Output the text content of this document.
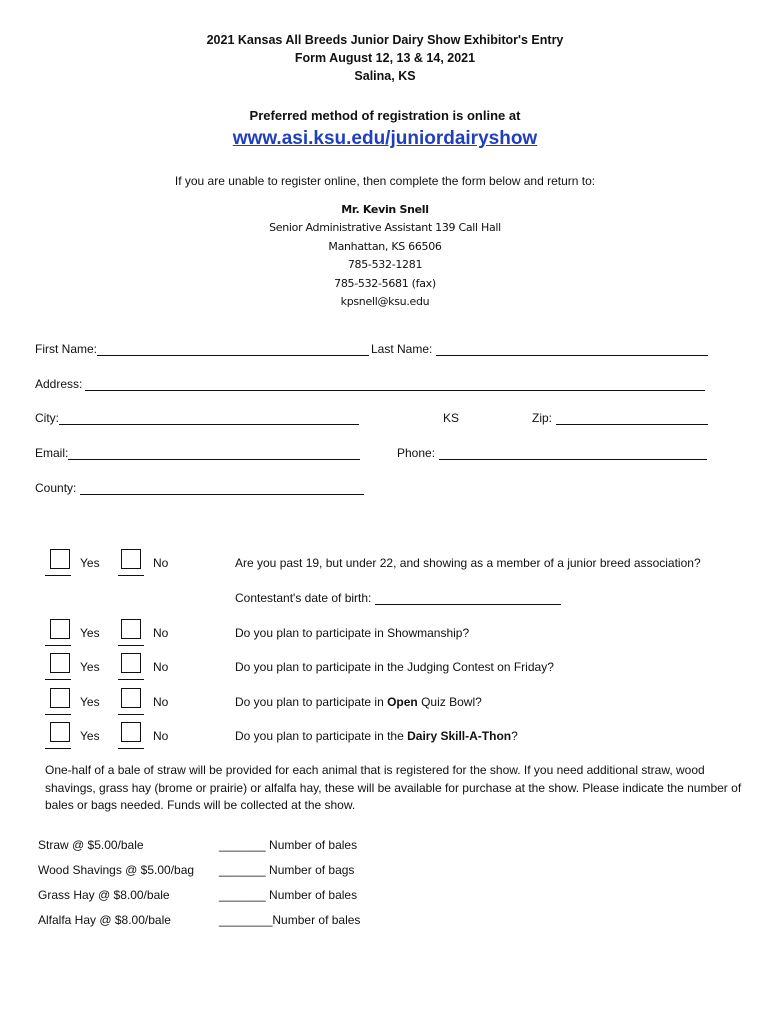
2021 Kansas All Breeds Junior Dairy Show Exhibitor's Entry
Form August 12, 13 & 14, 2021
Salina, KS
Preferred method of registration is online at
www.asi.ksu.edu/juniordairyshow
If you are unable to register online, then complete the form below and return to:
Mr. Kevin Snell
Senior Administrative Assistant 139 Call Hall
Manhattan, KS 66506
785-532-1281
785-532-5681 (fax)
kpsnell@ksu.edu
First Name:	Last Name:
Address:
City:	KS	Zip:
Email:	Phone:
County:
Yes	No	Are you past 19, but under 22, and showing as a member of a junior breed association?
Contestant's date of birth:
Yes	No	Do you plan to participate in Showmanship?
Yes	No	Do you plan to participate in the Judging Contest on Friday?
Yes	No	Do you plan to participate in Open Quiz Bowl?
Yes	No	Do you plan to participate in the Dairy Skill-A-Thon?
One-half of a bale of straw will be provided for each animal that is registered for the show. If you need additional straw, wood shavings, grass hay (brome or prairie) or alfalfa hay, these will be available for purchase at the show. Please indicate the number of bales or bags needed. Funds will be collected at the show.
Straw @ $5.00/bale	_______ Number of bales
Wood Shavings @ $5.00/bag _______ Number of bags
Grass Hay @ $8.00/bale	_______ Number of bales
Alfalfa Hay @ $8.00/bale	________Number of bales
